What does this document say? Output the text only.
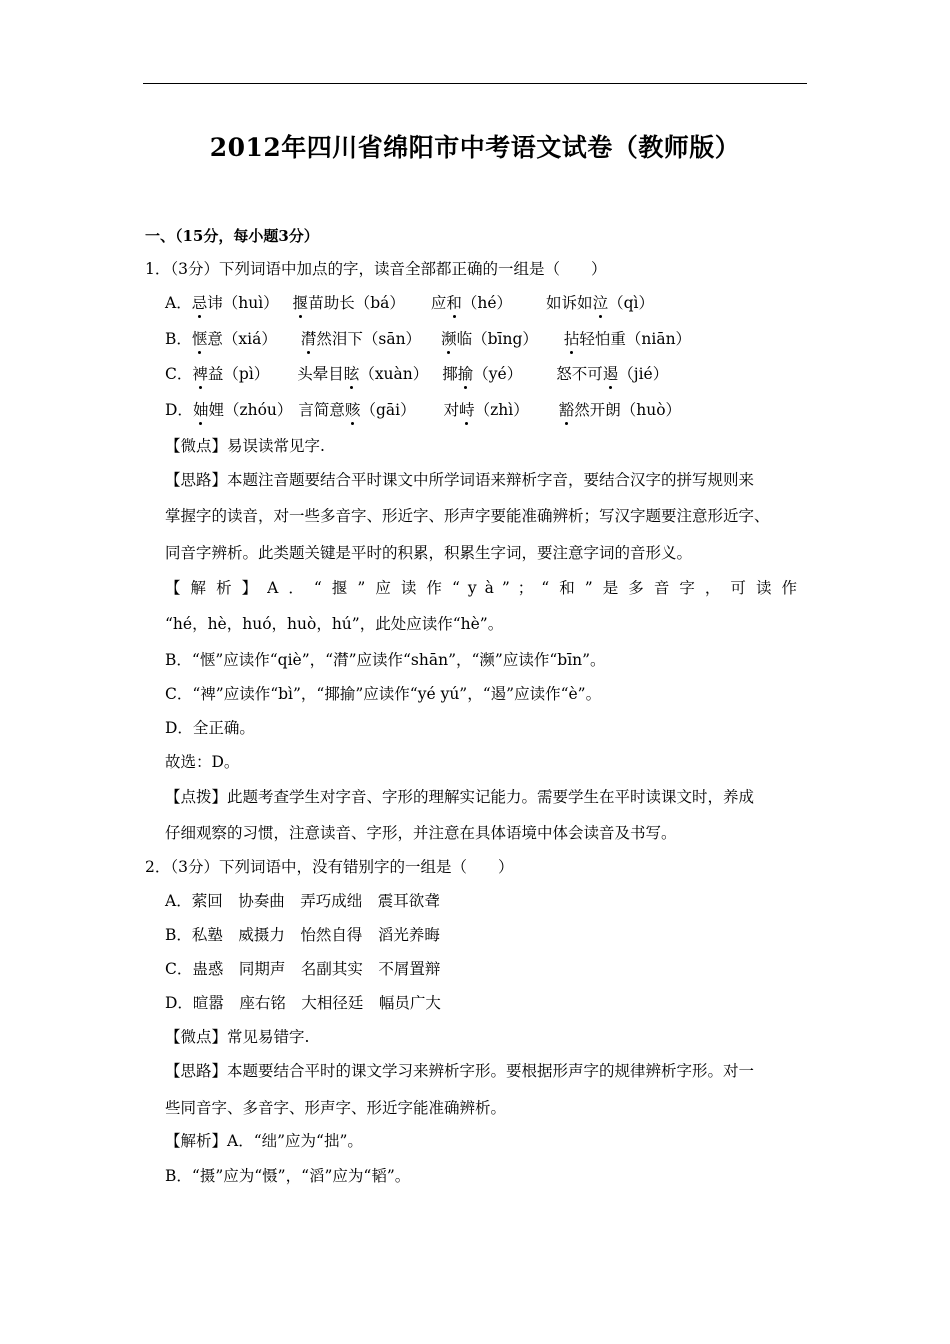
2012年四川省绵阳市中考语文试卷（教师版）
一、（15分，每小题3分）
1．（3分）下列词语中加点的字，读音全部都正确的一组是（　　）
A．忌讳（huì） 揠苗助长（bá） 应和（hé） 如诉如泣（qì）
B．惬意（xiá） 潸然泪下（sān） 濒临（bīng） 拈轻怕重（niān）
C．裨益（pì） 头晕目眩（xuàn） 揶揄（yé） 怒不可遏（jié）
D．妯娌（zhóu） 言简意赅（gāi） 对峙（zhì） 豁然开朗（huò）
【微点】易误读常见字.
【思路】本题注音题要结合平时课文中所学词语来辩析字音，要结合汉字的拼写规则来
掌握字的读音，对一些多音字、形近字、形声字要能准确辨析；写汉字题要注意形近字、
同音字辨析。此类题关键是平时的积累，积累生字词，要注意字词的音形义。
【解析】A．“揠”应读作“yà”；“和”是多音字，可读作
“hé，hè，huó，huò，hú”，此处应读作“hè”。
B．“惬”应读作“qiè”，“潸”应读作“shān”，“濒”应读作“bīn”。
C．“裨”应读作“bì”，“揶揄”应读作“yé yú”，“遏”应读作“è”。
D．全正确。
故选：D。
【点拨】此题考查学生对字音、字形的理解实记能力。需要学生在平时读课文时，养成
仔细观察的习惯，注意读音、字形，并注意在具体语境中体会读音及书写。
2．（3分）下列词语中，没有错别字的一组是（　　）
A．萦回　协奏曲　弄巧成绌　震耳欲聋
B．私塾　威摄力　怡然自得　滔光养晦
C．蛊惑　同期声　名副其实　不屑置辩
D．暄嚣　座右铭　大相径廷　幅员广大
【微点】常见易错字.
【思路】本题要结合平时的课文学习来辨析字形。要根据形声字的规律辨析字形。对一
些同音字、多音字、形声字、形近字能准确辨析。
【解析】A．“绌”应为“拙”。
B．“摄”应为“慑”，“滔”应为“韬”。
